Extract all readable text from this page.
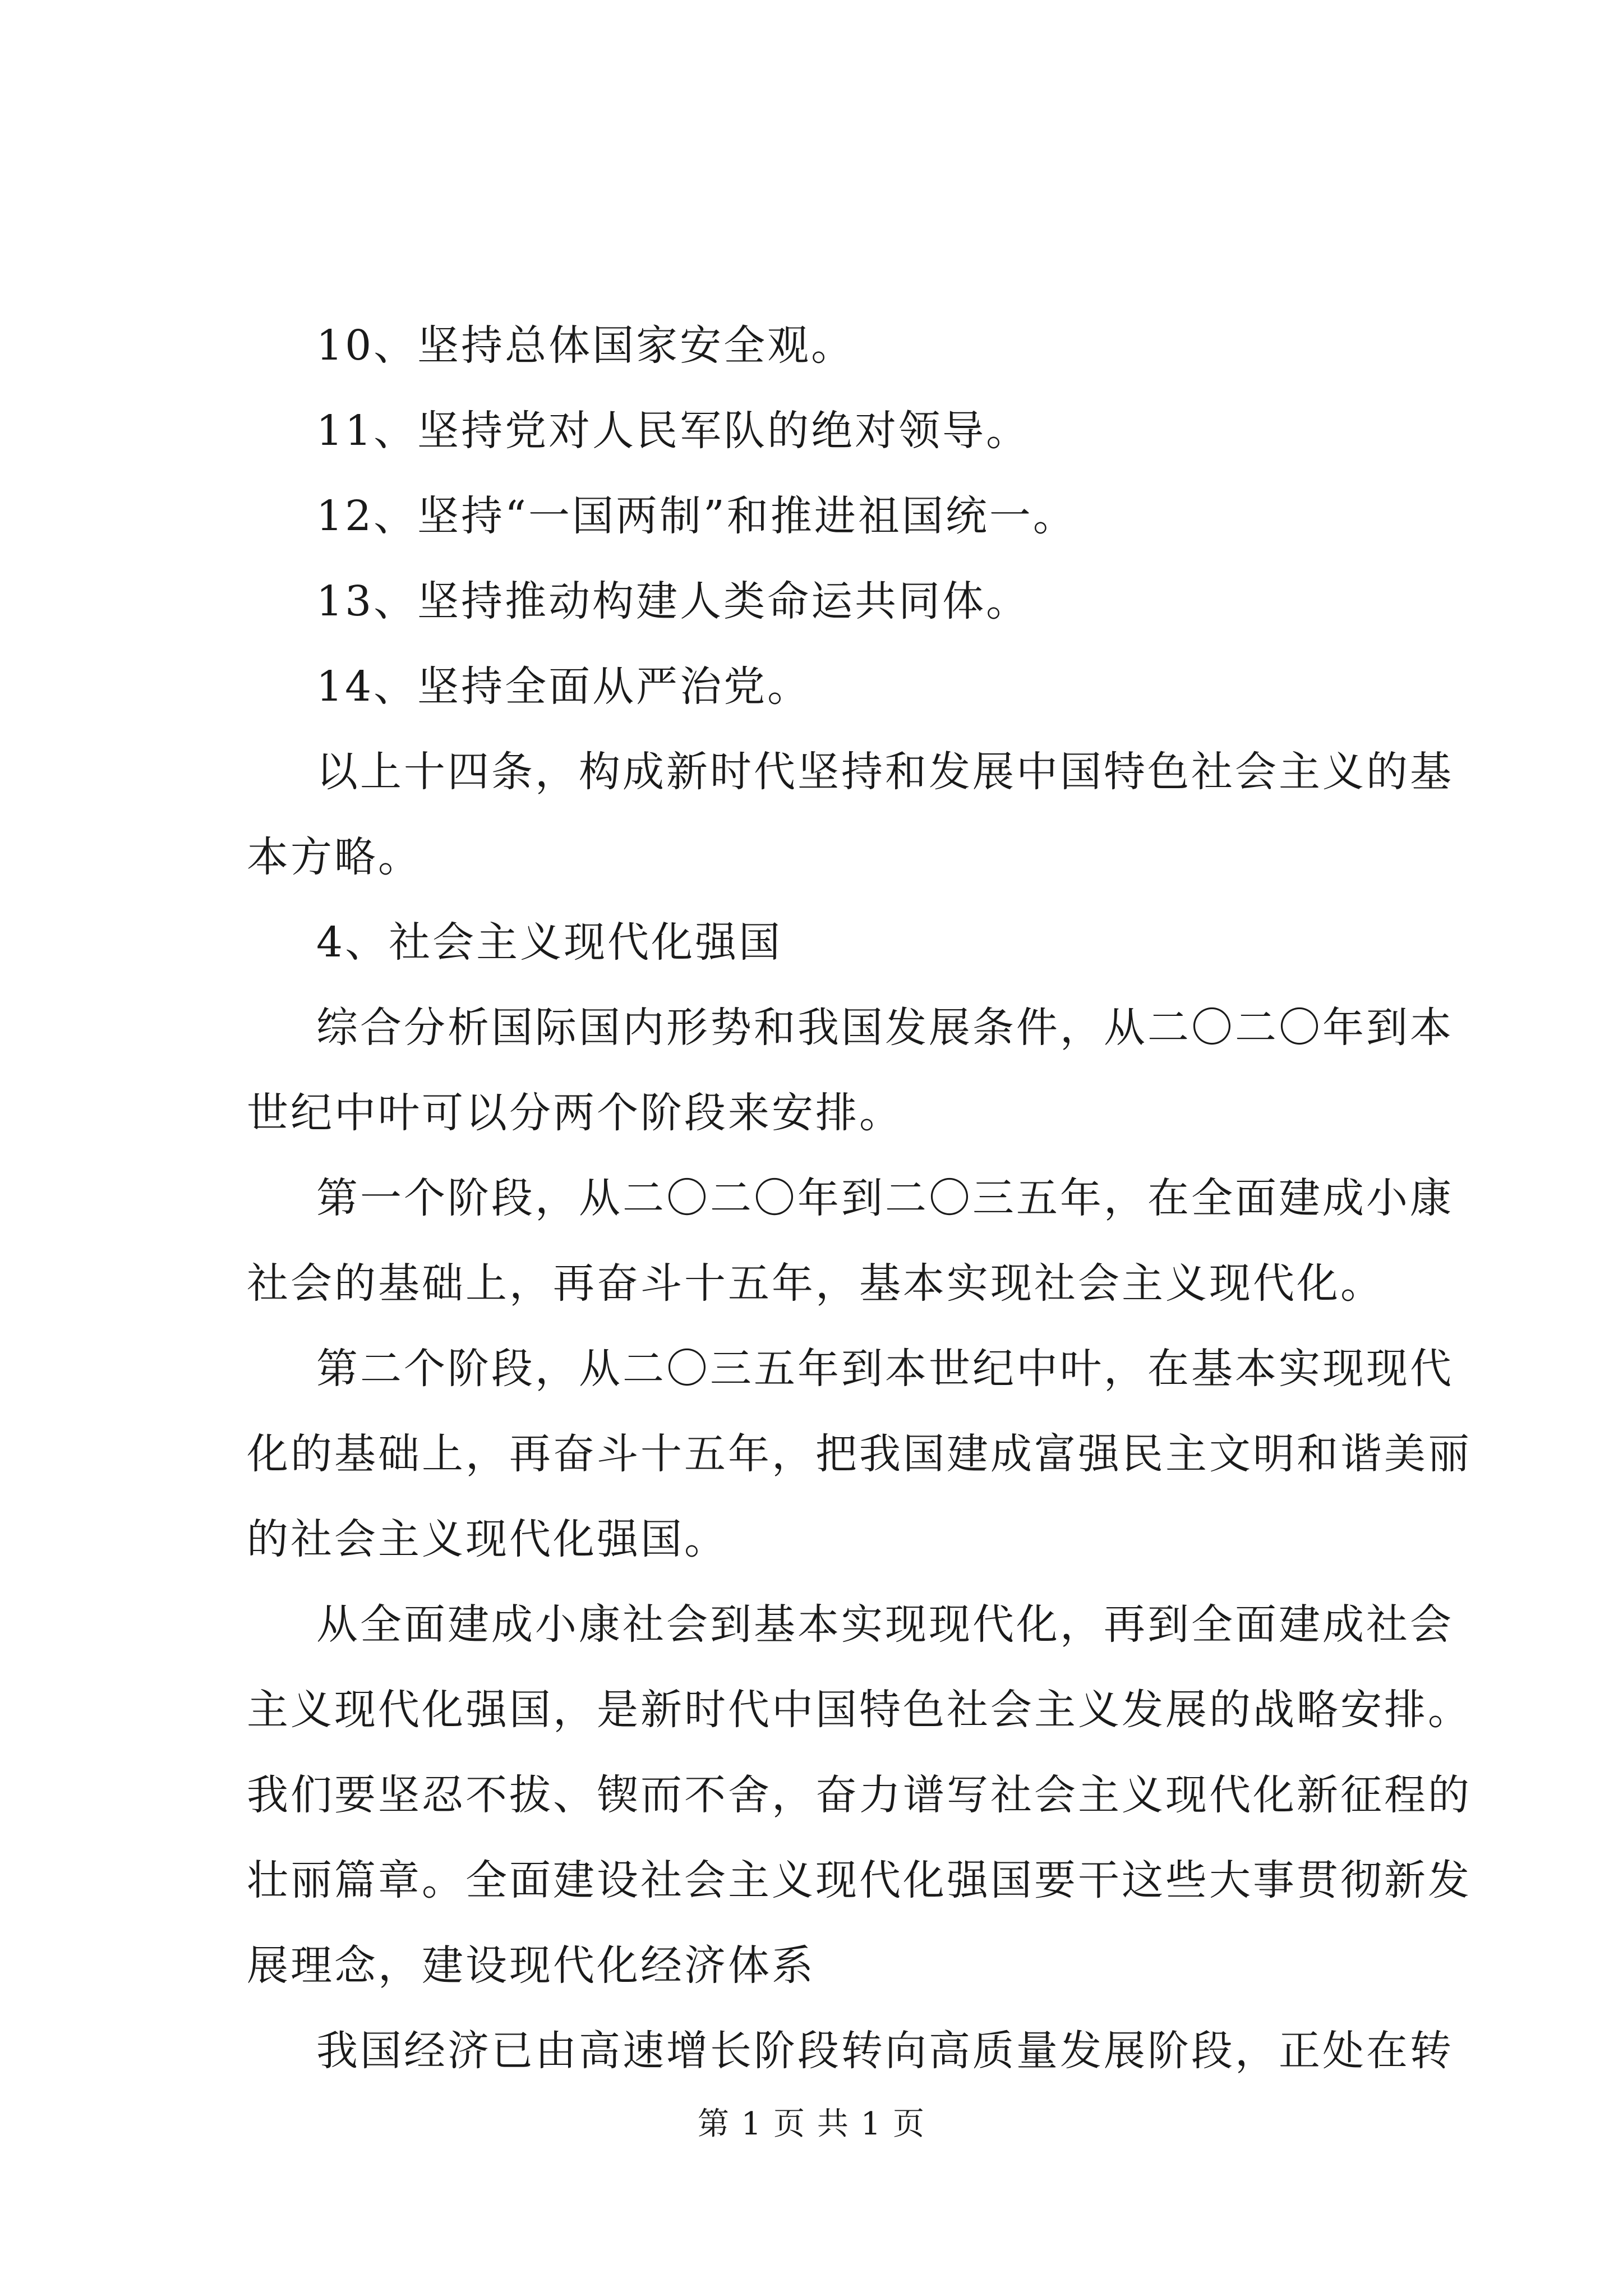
10、坚持总体国家安全观。
11、坚持党对人民军队的绝对领导。
12、坚持“一国两制”和推进祖国统一。
13、坚持推动构建人类命运共同体。
14、坚持全面从严治党。
以上十四条，构成新时代坚持和发展中国特色社会主义的基
本方略。
4、社会主义现代化强国
综合分析国际国内形势和我国发展条件，从二〇二〇年到本
世纪中叶可以分两个阶段来安排。
第一个阶段，从二〇二〇年到二〇三五年，在全面建成小康
社会的基础上，再奋斗十五年，基本实现社会主义现代化。
第二个阶段，从二〇三五年到本世纪中叶，在基本实现现代
化的基础上，再奋斗十五年，把我国建成富强民主文明和谐美丽
的社会主义现代化强国。
从全面建成小康社会到基本实现现代化，再到全面建成社会
主义现代化强国，是新时代中国特色社会主义发展的战略安排。
我们要坚忍不拔、锲而不舍，奋力谱写社会主义现代化新征程的
壮丽篇章。全面建设社会主义现代化强国要干这些大事贯彻新发
展理念，建设现代化经济体系
我国经济已由高速增长阶段转向高质量发展阶段，正处在转
第 1 页 共 1 页
